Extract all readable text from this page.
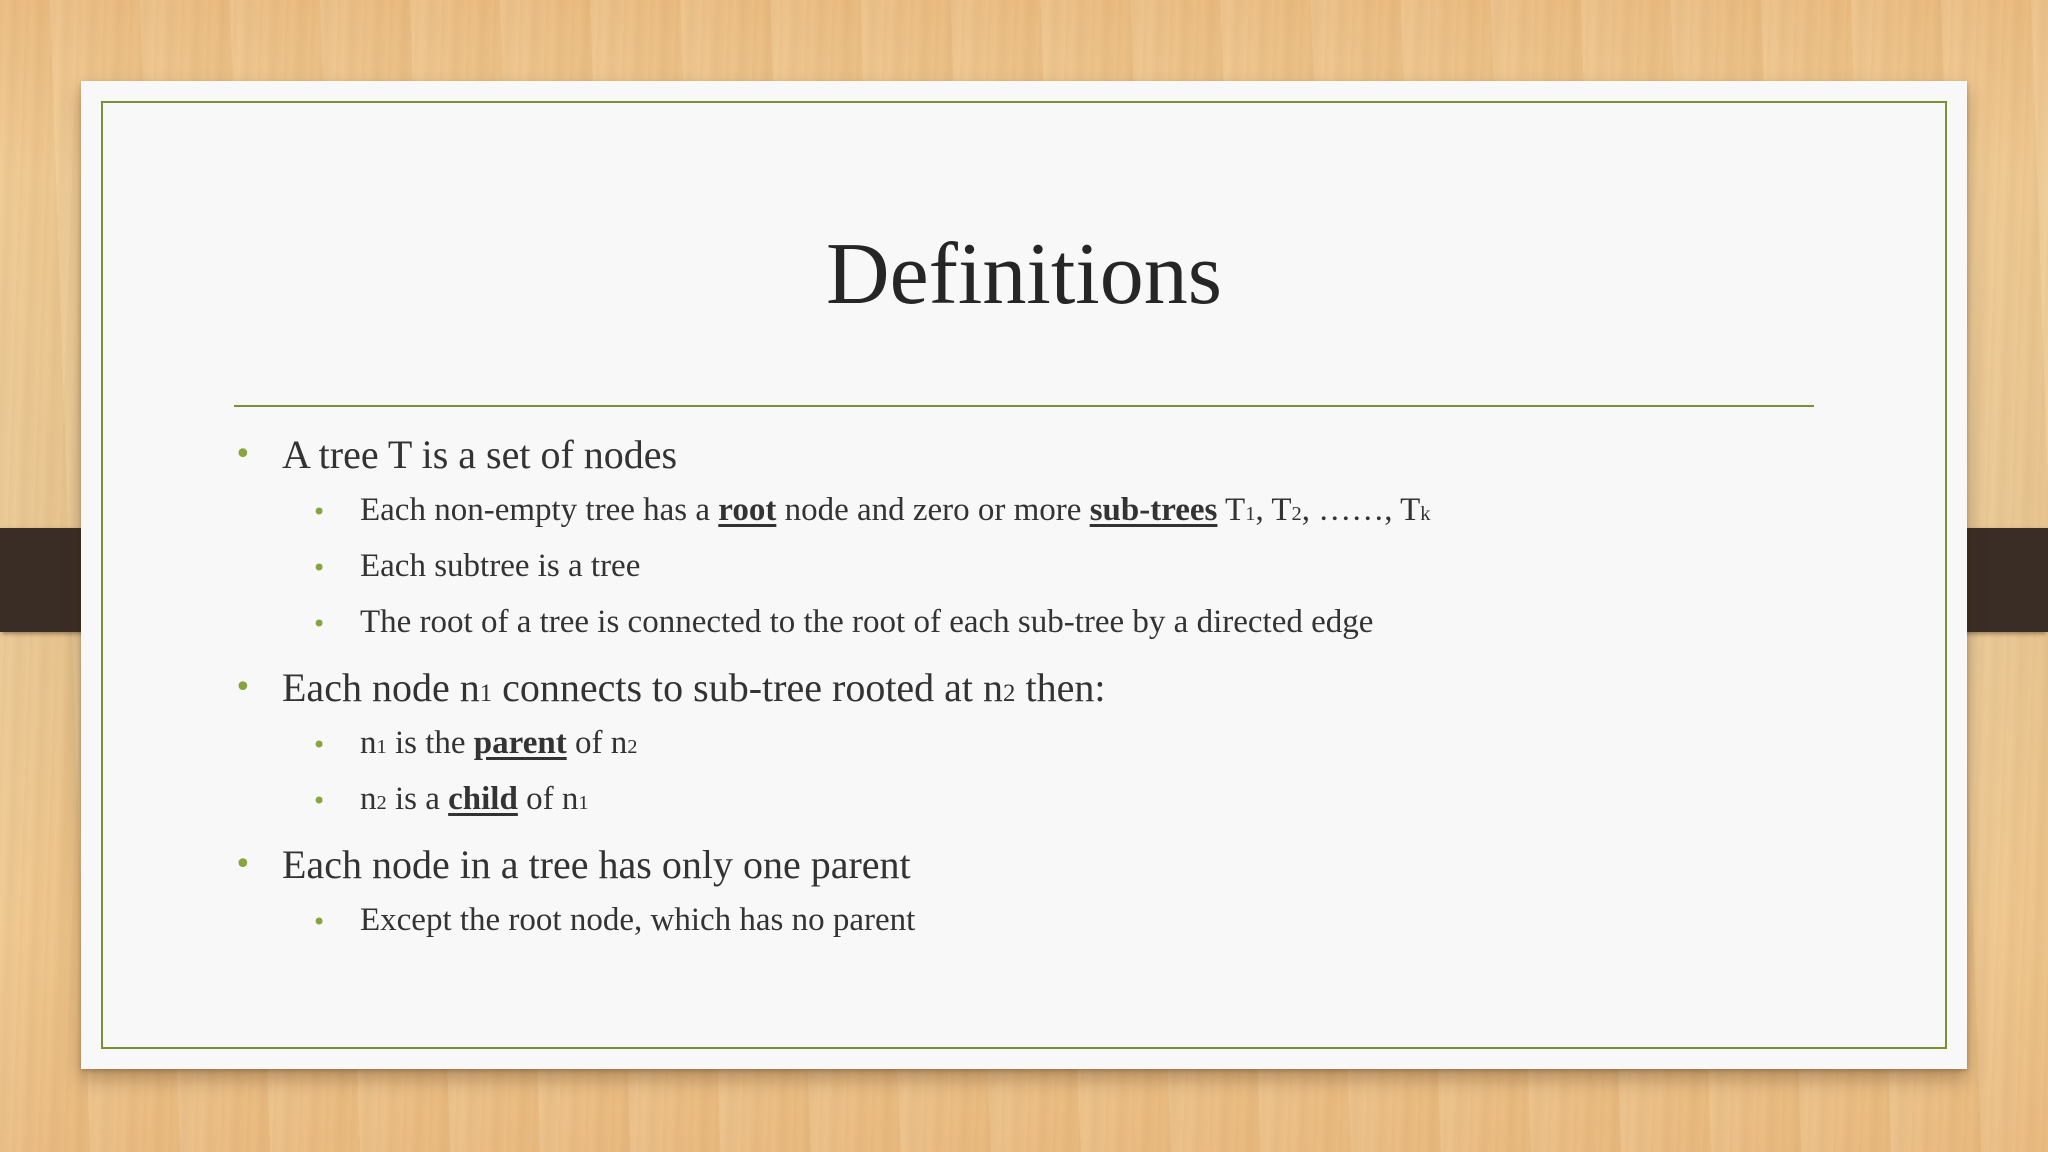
Definitions
• A tree T is a set of nodes
• Each non-empty tree has a root node and zero or more sub-trees T1, T2, ……, Tk
• Each subtree is a tree
• The root of a tree is connected to the root of each sub-tree by a directed edge
• Each node n1 connects to sub-tree rooted at n2 then:
• n1 is the parent of n2
• n2 is a child of n1
• Each node in a tree has only one parent
• Except the root node, which has no parent
